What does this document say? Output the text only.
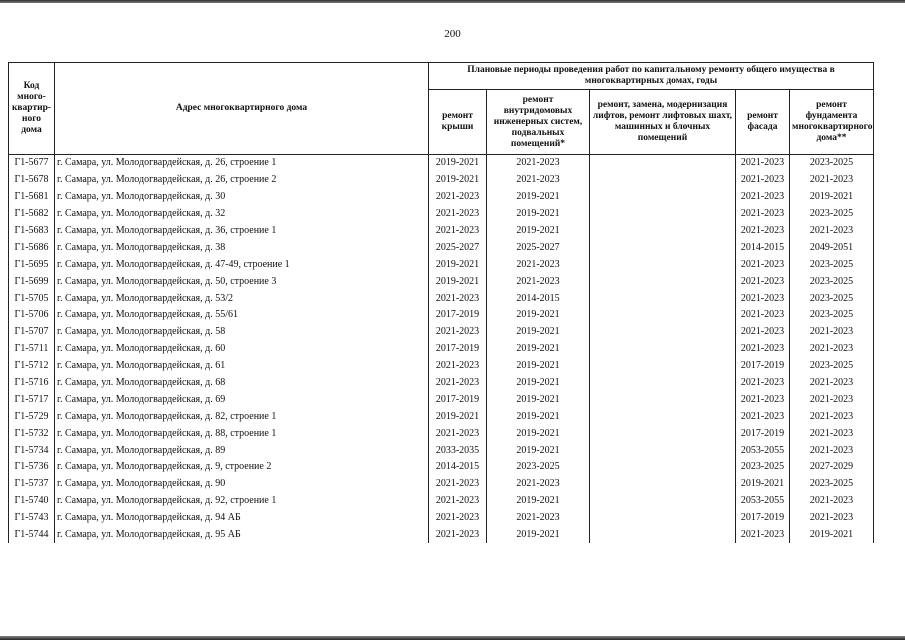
200
Код много-квартир-ного дома	Адрес многоквартирного дома	Плановые периоды проведения работ по капитальному ремонту общего имущества в многоквартирных домах, годы				
		ремонт крыши	ремонт внутридомовых инженерных систем, подвальных помещений*	ремонт, замена, модернизация лифтов, ремонт лифтовых шахт, машинных и блочных помещений	ремонт фасада	ремонт фундамента многоквартирного дома**
Г1-5677	г. Самара, ул. Молодогвардейская, д. 26, строение 1	2019-2021	2021-2023		2021-2023	2023-2025
Г1-5678	г. Самара, ул. Молодогвардейская, д. 26, строение 2	2019-2021	2021-2023		2021-2023	2021-2023
Г1-5681	г. Самара, ул. Молодогвардейская, д. 30	2021-2023	2019-2021		2021-2023	2019-2021
Г1-5682	г. Самара, ул. Молодогвардейская, д. 32	2021-2023	2019-2021		2021-2023	2023-2025
Г1-5683	г. Самара, ул. Молодогвардейская, д. 36, строение 1	2021-2023	2019-2021		2021-2023	2021-2023
Г1-5686	г. Самара, ул. Молодогвардейская, д. 38	2025-2027	2025-2027		2014-2015	2049-2051
Г1-5695	г. Самара, ул. Молодогвардейская, д. 47-49, строение 1	2019-2021	2021-2023		2021-2023	2023-2025
Г1-5699	г. Самара, ул. Молодогвардейская, д. 50, строение 3	2019-2021	2021-2023		2021-2023	2023-2025
Г1-5705	г. Самара, ул. Молодогвардейская, д. 53/2	2021-2023	2014-2015		2021-2023	2023-2025
Г1-5706	г. Самара, ул. Молодогвардейская, д. 55/61	2017-2019	2019-2021		2021-2023	2023-2025
Г1-5707	г. Самара, ул. Молодогвардейская, д. 58	2021-2023	2019-2021		2021-2023	2021-2023
Г1-5711	г. Самара, ул. Молодогвардейская, д. 60	2017-2019	2019-2021		2021-2023	2021-2023
Г1-5712	г. Самара, ул. Молодогвардейская, д. 61	2021-2023	2019-2021		2017-2019	2023-2025
Г1-5716	г. Самара, ул. Молодогвардейская, д. 68	2021-2023	2019-2021		2021-2023	2021-2023
Г1-5717	г. Самара, ул. Молодогвардейская, д. 69	2017-2019	2019-2021		2021-2023	2021-2023
Г1-5729	г. Самара, ул. Молодогвардейская, д. 82, строение 1	2019-2021	2019-2021		2021-2023	2021-2023
Г1-5732	г. Самара, ул. Молодогвардейская, д. 88, строение 1	2021-2023	2019-2021		2017-2019	2021-2023
Г1-5734	г. Самара, ул. Молодогвардейская, д. 89	2033-2035	2019-2021		2053-2055	2021-2023
Г1-5736	г. Самара, ул. Молодогвардейская, д. 9, строение 2	2014-2015	2023-2025		2023-2025	2027-2029
Г1-5737	г. Самара, ул. Молодогвардейская, д. 90	2021-2023	2021-2023		2019-2021	2023-2025
Г1-5740	г. Самара, ул. Молодогвардейская, д. 92, строение 1	2021-2023	2019-2021		2053-2055	2021-2023
Г1-5743	г. Самара, ул. Молодогвардейская, д. 94 АБ	2021-2023	2021-2023		2017-2019	2021-2023
Г1-5744	г. Самара, ул. Молодогвардейская, д. 95 АБ	2021-2023	2019-2021		2021-2023	2019-2021
